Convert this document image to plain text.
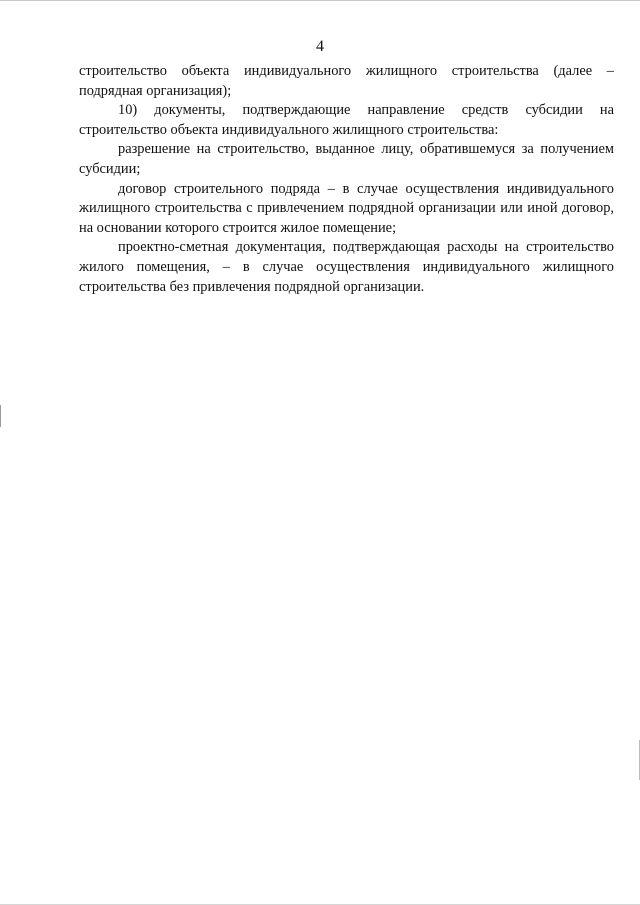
4

строительство объекта индивидуального жилищного строительства (далее – подрядная организация);

10) документы, подтверждающие направление средств субсидии на строительство объекта индивидуального жилищного строительства:

разрешение на строительство, выданное лицу, обратившемуся за получением субсидии;

договор строительного подряда – в случае осуществления индивидуального жилищного строительства с привлечением подрядной организации или иной договор, на основании которого строится жилое помещение;

проектно-сметная документация, подтверждающая расходы на строительство жилого помещения, – в случае осуществления индивидуального жилищного строительства без привлечения подрядной организации.
